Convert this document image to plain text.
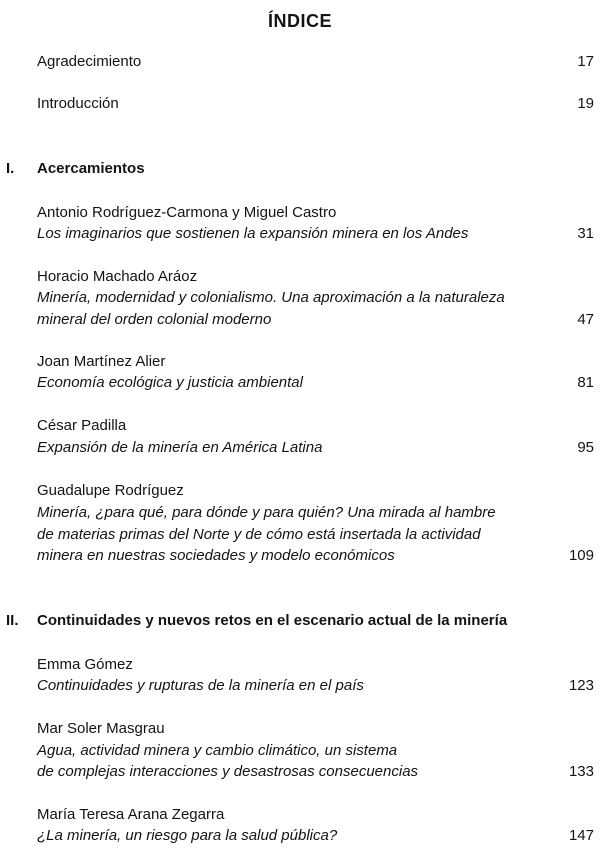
ÍNDICE
Agradecimiento	17
Introducción	19
I. Acercamientos
Antonio Rodríguez-Carmona y Miguel Castro
Los imaginarios que sostienen la expansión minera en los Andes	31
Horacio Machado Aráoz
Minería, modernidad y colonialismo. Una aproximación a la naturaleza
mineral del orden colonial moderno	47
Joan Martínez Alier
Economía ecológica y justicia ambiental	81
César Padilla
Expansión de la minería en América Latina	95
Guadalupe Rodríguez
Minería, ¿para qué, para dónde y para quién? Una mirada al hambre
de materias primas del Norte y de cómo está insertada la actividad
minera en nuestras sociedades y modelo económicos	109
II. Continuidades y nuevos retos en el escenario actual de la minería
Emma Gómez
Continuidades y rupturas de la minería en el país	123
Mar Soler Masgrau
Agua, actividad minera y cambio climático, un sistema
de complejas interacciones y desastrosas consecuencias	133
María Teresa Arana Zegarra
¿La minería, un riesgo para la salud pública?	147
